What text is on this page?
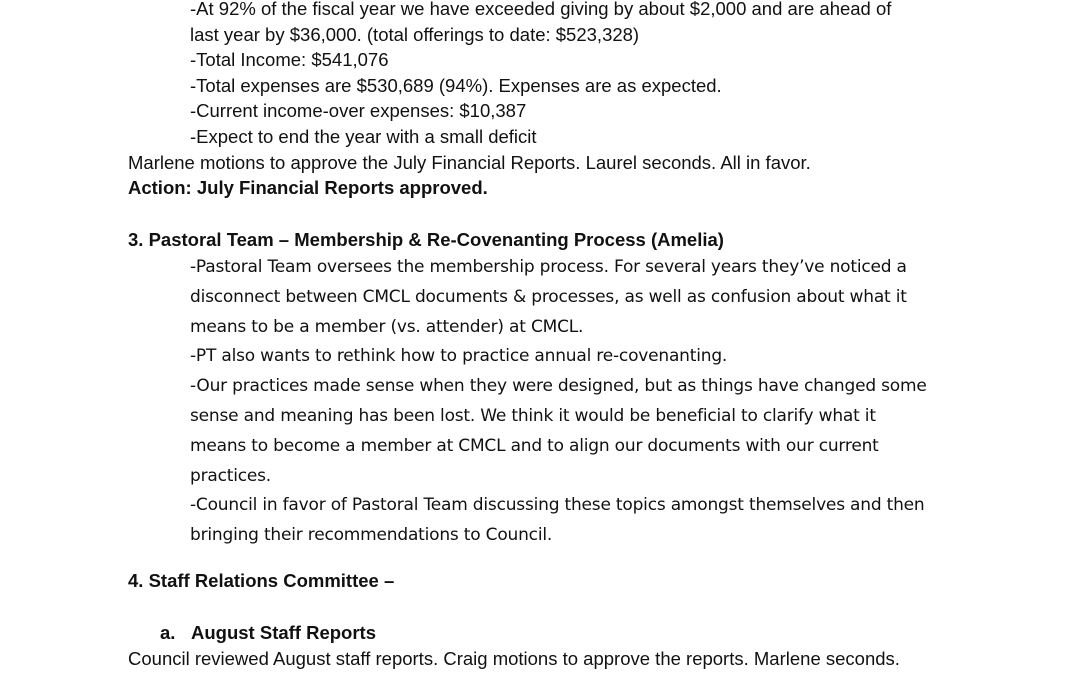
-At 92% of the fiscal year we have exceeded giving by about $2,000 and are ahead of
last year by $36,000. (total offerings to date: $523,328)
-Total Income: $541,076
-Total expenses are $530,689 (94%). Expenses are as expected.
-Current income-over expenses: $10,387
-Expect to end the year with a small deficit
Marlene motions to approve the July Financial Reports. Laurel seconds. All in favor.
Action: July Financial Reports approved.
3. Pastoral Team – Membership & Re-Covenanting Process (Amelia)
-Pastoral Team oversees the membership process. For several years they’ve noticed a
disconnect between CMCL documents & processes, as well as confusion about what it
means to be a member (vs. attender) at CMCL.
-PT also wants to rethink how to practice annual re-covenanting.
-Our practices made sense when they were designed, but as things have changed some
sense and meaning has been lost. We think it would be beneficial to clarify what it
means to become a member at CMCL and to align our documents with our current
practices.
-Council in favor of Pastoral Team discussing these topics amongst themselves and then
bringing their recommendations to Council.
4. Staff Relations Committee –
a. August Staff Reports
Council reviewed August staff reports. Craig motions to approve the reports. Marlene seconds.
